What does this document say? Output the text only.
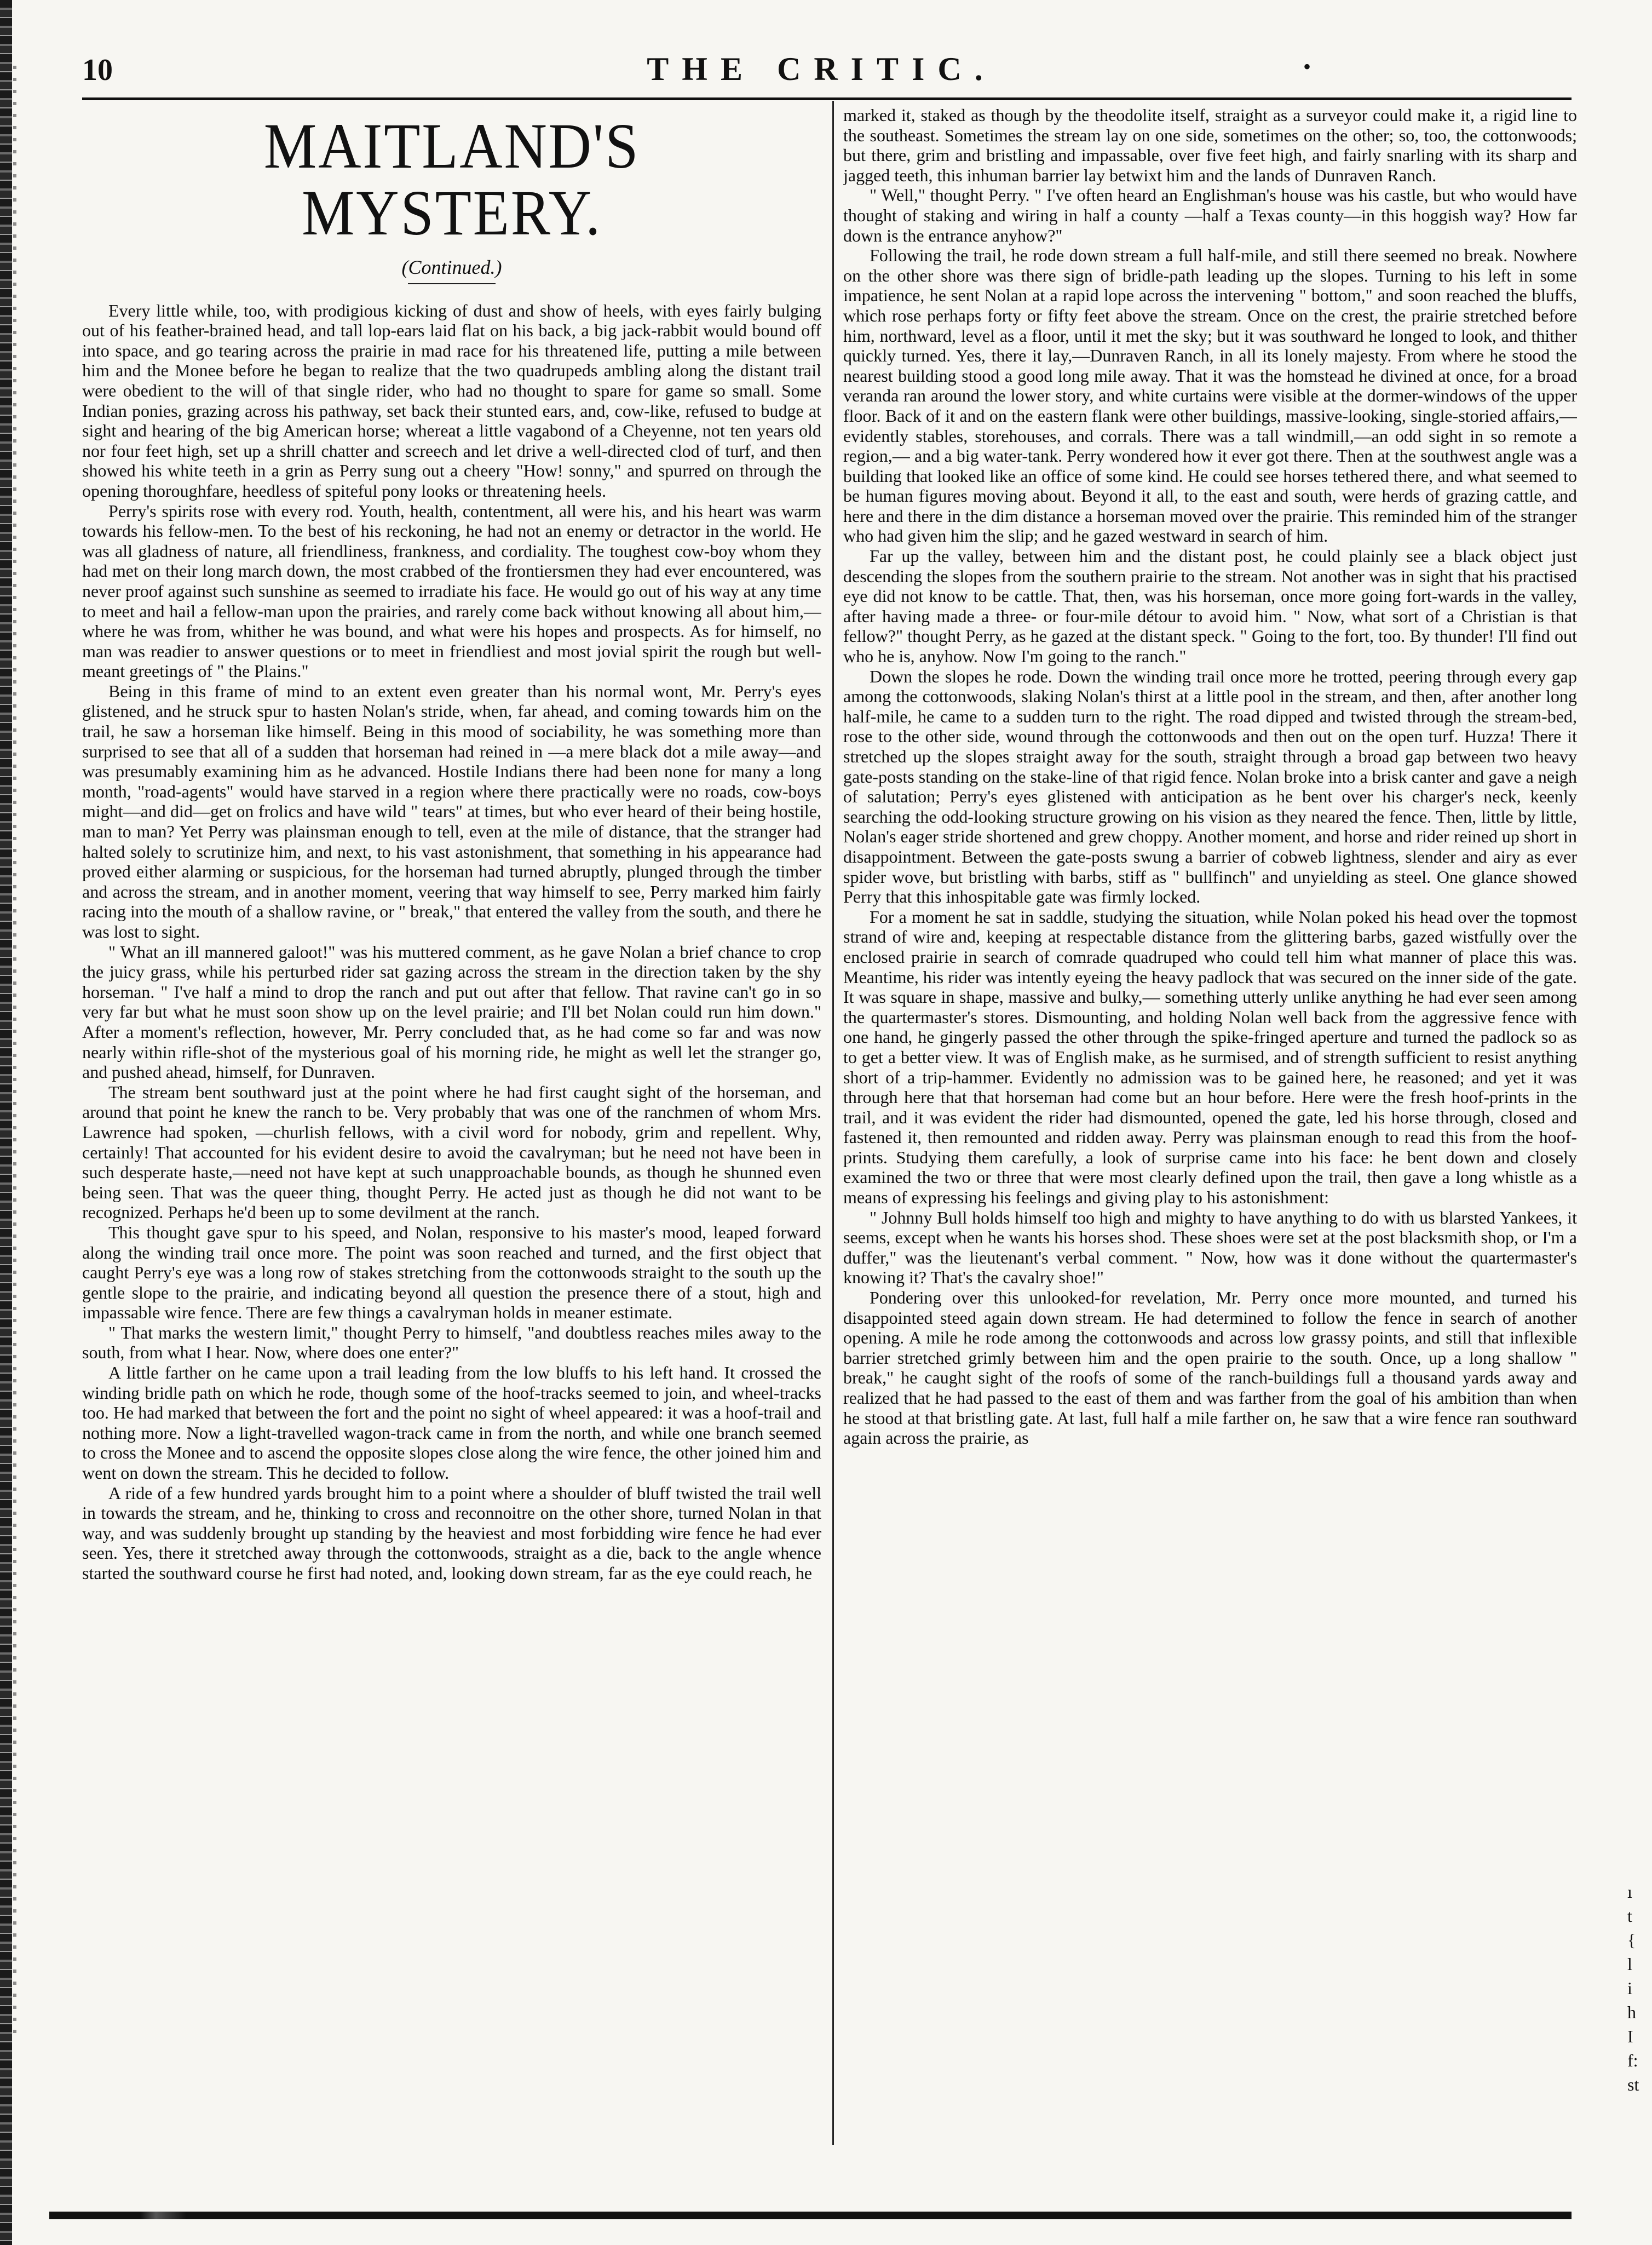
10	THE CRITIC.	•
MAITLAND'S MYSTERY.
(Continued.)

Every little while, too, with prodigious kicking of dust and show of heels, with eyes fairly bulging out of his feather-brained head, and tall lop-ears laid flat on his back, a big jack-rabbit would bound off into space, and go tearing across the prairie in mad race for his threatened life, putting a mile between him and the Monee before he began to realize that the two quadrupeds ambling along the distant trail were obedient to the will of that single rider, who had no thought to spare for game so small. Some Indian ponies, grazing across his pathway, set back their stunted ears, and, cow-like, refused to budge at sight and hearing of the big American horse; whereat a little vagabond of a Cheyenne, not ten years old nor four feet high, set up a shrill chatter and screech and let drive a well-directed clod of turf, and then showed his white teeth in a grin as Perry sung out a cheery "How! sonny," and spurred on through the opening thoroughfare, heedless of spiteful pony looks or threatening heels.

Perry's spirits rose with every rod. Youth, health, contentment, all were his, and his heart was warm towards his fellow-men. To the best of his reckoning, he had not an enemy or detractor in the world. He was all gladness of nature, all friendliness, frankness, and cordiality. The toughest cow-boy whom they had met on their long march down, the most crabbed of the frontiersmen they had ever encountered, was never proof against such sunshine as seemed to irradiate his face. He would go out of his way at any time to meet and hail a fellow-man upon the prairies, and rarely come back without knowing all about him,—where he was from, whither he was bound, and what were his hopes and prospects. As for himself, no man was readier to answer questions or to meet in friendliest and most jovial spirit the rough but well-meant greetings of " the Plains."

Being in this frame of mind to an extent even greater than his normal wont, Mr. Perry's eyes glistened, and he struck spur to hasten Nolan's stride, when, far ahead, and coming towards him on the trail, he saw a horseman like himself. Being in this mood of sociability, he was something more than surprised to see that all of a sudden that horseman had reined in —a mere black dot a mile away—and was presumably examining him as he advanced. Hostile Indians there had been none for many a long month, "road-agents" would have starved in a region where there practically were no roads, cow-boys might—and did—get on frolics and have wild " tears" at times, but who ever heard of their being hostile, man to man? Yet Perry was plainsman enough to tell, even at the mile of distance, that the stranger had halted solely to scrutinize him, and next, to his vast astonishment, that something in his appearance had proved either alarming or suspicious, for the horseman had turned abruptly, plunged through the timber and across the stream, and in another moment, veering that way himself to see, Perry marked him fairly racing into the mouth of a shallow ravine, or " break," that entered the valley from the south, and there he was lost to sight.

" What an ill mannered galoot!" was his muttered comment, as he gave Nolan a brief chance to crop the juicy grass, while his perturbed rider sat gazing across the stream in the direction taken by the shy horseman. " I've half a mind to drop the ranch and put out after that fellow. That ravine can't go in so very far but what he must soon show up on the level prairie; and I'll bet Nolan could run him down." After a moment's reflection, however, Mr. Perry concluded that, as he had come so far and was now nearly within rifle-shot of the mysterious goal of his morning ride, he might as well let the stranger go, and pushed ahead, himself, for Dunraven.

The stream bent southward just at the point where he had first caught sight of the horseman, and around that point he knew the ranch to be. Very probably that was one of the ranchmen of whom Mrs. Lawrence had spoken, —churlish fellows, with a civil word for nobody, grim and repellent. Why, certainly! That accounted for his evident desire to avoid the cavalryman; but he need not have been in such desperate haste,—need not have kept at such unapproachable bounds, as though he shunned even being seen. That was the queer thing, thought Perry. He acted just as though he did not want to be recognized. Perhaps he'd been up to some devilment at the ranch.

This thought gave spur to his speed, and Nolan, responsive to his master's mood, leaped forward along the winding trail once more. The point was soon reached and turned, and the first object that caught Perry's eye was a long row of stakes stretching from the cottonwoods straight to the south up the gentle slope to the prairie, and indicating beyond all question the presence there of a stout, high and impassable wire fence. There are few things a cavalryman holds in meaner estimate.

" That marks the western limit," thought Perry to himself, "and doubtless reaches miles away to the south, from what I hear. Now, where does one enter?"

A little farther on he came upon a trail leading from the low bluffs to his left hand. It crossed the winding bridle path on which he rode, though some of the hoof-tracks seemed to join, and wheel-tracks too. He had marked that between the fort and the point no sight of wheel appeared: it was a hoof-trail and nothing more. Now a light-travelled wagon-track came in from the north, and while one branch seemed to cross the Monee and to ascend the opposite slopes close along the wire fence, the other joined him and went on down the stream. This he decided to follow.

A ride of a few hundred yards brought him to a point where a shoulder of bluff twisted the trail well in towards the stream, and he, thinking to cross and reconnoitre on the other shore, turned Nolan in that way, and was suddenly brought up standing by the heaviest and most forbidding wire fence he had ever seen. Yes, there it stretched away through the cottonwoods, straight as a die, back to the angle whence started the southward course he first had noted, and, looking down stream, far as the eye could reach, he

marked it, staked as though by the theodolite itself, straight as a surveyor could make it, a rigid line to the southeast. Sometimes the stream lay on one side, sometimes on the other; so, too, the cottonwoods; but there, grim and bristling and impassable, over five feet high, and fairly snarling with its sharp and jagged teeth, this inhuman barrier lay betwixt him and the lands of Dunraven Ranch.

" Well," thought Perry. " I've often heard an Englishman's house was his castle, but who would have thought of staking and wiring in half a county —half a Texas county—in this hoggish way? How far down is the entrance anyhow?"

Following the trail, he rode down stream a full half-mile, and still there seemed no break. Nowhere on the other shore was there sign of bridle-path leading up the slopes. Turning to his left in some impatience, he sent Nolan at a rapid lope across the intervening " bottom," and soon reached the bluffs, which rose perhaps forty or fifty feet above the stream. Once on the crest, the prairie stretched before him, northward, level as a floor, until it met the sky; but it was southward he longed to look, and thither quickly turned. Yes, there it lay,—Dunraven Ranch, in all its lonely majesty. From where he stood the nearest building stood a good long mile away. That it was the homstead he divined at once, for a broad veranda ran around the lower story, and white curtains were visible at the dormer-windows of the upper floor. Back of it and on the eastern flank were other buildings, massive-looking, single-storied affairs,—evidently stables, storehouses, and corrals. There was a tall windmill,—an odd sight in so remote a region,— and a big water-tank. Perry wondered how it ever got there. Then at the southwest angle was a building that looked like an office of some kind. He could see horses tethered there, and what seemed to be human figures moving about. Beyond it all, to the east and south, were herds of grazing cattle, and here and there in the dim distance a horseman moved over the prairie. This reminded him of the stranger who had given him the slip; and he gazed westward in search of him.

Far up the valley, between him and the distant post, he could plainly see a black object just descending the slopes from the southern prairie to the stream. Not another was in sight that his practised eye did not know to be cattle. That, then, was his horseman, once more going fort-wards in the valley, after having made a three- or four-mile détour to avoid him. " Now, what sort of a Christian is that fellow?" thought Perry, as he gazed at the distant speck. " Going to the fort, too. By thunder! I'll find out who he is, anyhow. Now I'm going to the ranch."

Down the slopes he rode. Down the winding trail once more he trotted, peering through every gap among the cottonwoods, slaking Nolan's thirst at a little pool in the stream, and then, after another long half-mile, he came to a sudden turn to the right. The road dipped and twisted through the stream-bed, rose to the other side, wound through the cottonwoods and then out on the open turf. Huzza! There it stretched up the slopes straight away for the south, straight through a broad gap between two heavy gate-posts standing on the stake-line of that rigid fence. Nolan broke into a brisk canter and gave a neigh of salutation; Perry's eyes glistened with anticipation as he bent over his charger's neck, keenly searching the odd-looking structure growing on his vision as they neared the fence. Then, little by little, Nolan's eager stride shortened and grew choppy. Another moment, and horse and rider reined up short in disappointment. Between the gate-posts swung a barrier of cobweb lightness, slender and airy as ever spider wove, but bristling with barbs, stiff as " bullfinch" and unyielding as steel. One glance showed Perry that this inhospitable gate was firmly locked.

For a moment he sat in saddle, studying the situation, while Nolan poked his head over the topmost strand of wire and, keeping at respectable distance from the glittering barbs, gazed wistfully over the enclosed prairie in search of comrade quadruped who could tell him what manner of place this was. Meantime, his rider was intently eyeing the heavy padlock that was secured on the inner side of the gate. It was square in shape, massive and bulky,— something utterly unlike anything he had ever seen among the quartermaster's stores. Dismounting, and holding Nolan well back from the aggressive fence with one hand, he gingerly passed the other through the spike-fringed aperture and turned the padlock so as to get a better view. It was of English make, as he surmised, and of strength sufficient to resist anything short of a trip-hammer. Evidently no admission was to be gained here, he reasoned; and yet it was through here that that horseman had come but an hour before. Here were the fresh hoof-prints in the trail, and it was evident the rider had dismounted, opened the gate, led his horse through, closed and fastened it, then remounted and ridden away. Perry was plainsman enough to read this from the hoof-prints. Studying them carefully, a look of surprise came into his face: he bent down and closely examined the two or three that were most clearly defined upon the trail, then gave a long whistle as a means of expressing his feelings and giving play to his astonishment:

" Johnny Bull holds himself too high and mighty to have anything to do with us blarsted Yankees, it seems, except when he wants his horses shod. These shoes were set at the post blacksmith shop, or I'm a duffer," was the lieutenant's verbal comment. " Now, how was it done without the quartermaster's knowing it? That's the cavalry shoe!"

Pondering over this unlooked-for revelation, Mr. Perry once more mounted, and turned his disappointed steed again down stream. He had determined to follow the fence in search of another opening. A mile he rode among the cottonwoods and across low grassy points, and still that inflexible barrier stretched grimly between him and the open prairie to the south. Once, up a long shallow " break," he caught sight of the roofs of some of the ranch-buildings full a thousand yards away and realized that he had passed to the east of them and was farther from the goal of his ambition than when he stood at that bristling gate. At last, full half a mile farther on, he saw that a wire fence ran southward again across the prairie, as

ı
t
{
l
i
h
I
f:
st
